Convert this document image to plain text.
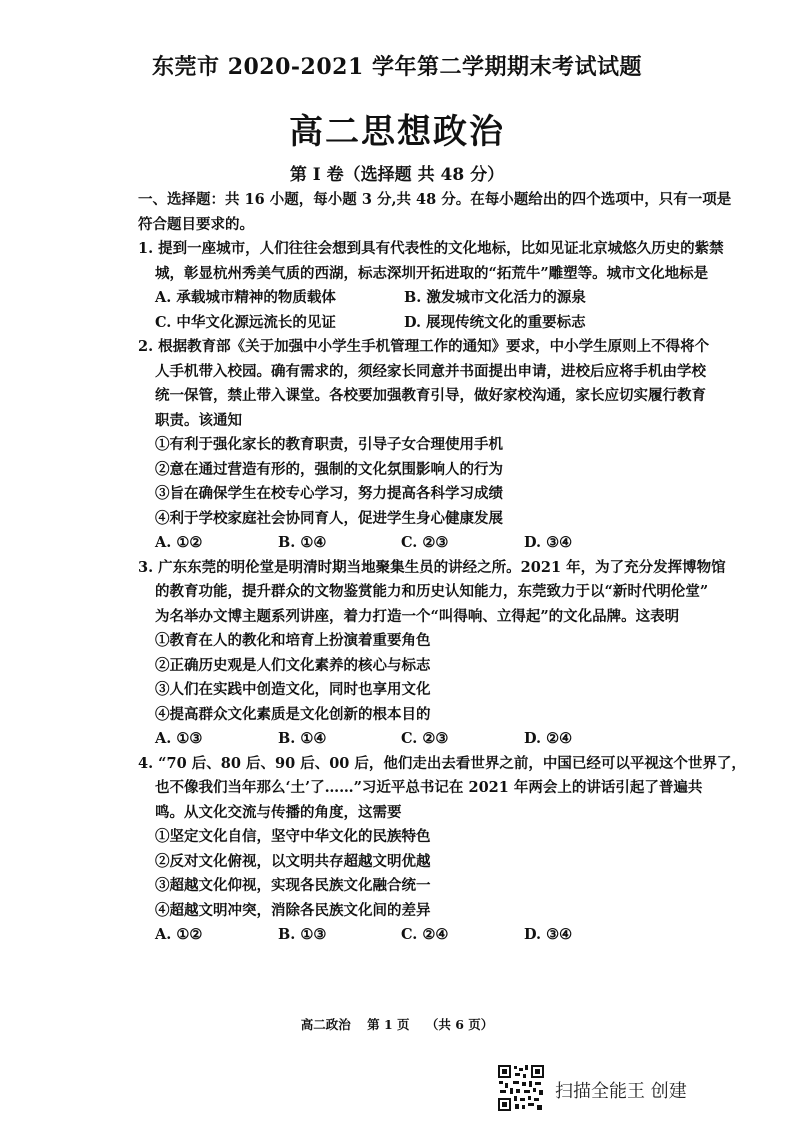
东莞市 2020-2021 学年第二学期期末考试试题
高二思想政治
第 I 卷（选择题 共 48 分）

一、选择题：共 16 小题，每小题 3 分,共 48 分。在每小题给出的四个选项中，只有一项是

符合题目要求的。

1. 提到一座城市，人们往往会想到具有代表性的文化地标，比如见证北京城悠久历史的紫禁

城，彰显杭州秀美气质的西湖，标志深圳开拓进取的“拓荒牛”雕塑等。城市文化地标是

A. 承载城市精神的物质载体	B. 激发城市文化活力的源泉
C. 中华文化源远流长的见证	D. 展现传统文化的重要标志

2. 根据教育部《关于加强中小学生手机管理工作的通知》要求，中小学生原则上不得将个

人手机带入校园。确有需求的，须经家长同意并书面提出申请，进校后应将手机由学校

统一保管，禁止带入课堂。各校要加强教育引导，做好家校沟通，家长应切实履行教育

职责。该通知

①有利于强化家长的教育职责，引导子女合理使用手机

②意在通过营造有形的，强制的文化氛围影响人的行为

③旨在确保学生在校专心学习，努力提高各科学习成绩

④利于学校家庭社会协同育人，促进学生身心健康发展

A. ①②	B. ①④	C. ②③	D. ③④

3. 广东东莞的明伦堂是明清时期当地聚集生员的讲经之所。2021 年，为了充分发挥博物馆

的教育功能，提升群众的文物鉴赏能力和历史认知能力，东莞致力于以“新时代明伦堂”

为名举办文博主题系列讲座，着力打造一个“叫得响、立得起”的文化品牌。这表明

①教育在人的教化和培育上扮演着重要角色

②正确历史观是人们文化素养的核心与标志

③人们在实践中创造文化，同时也享用文化

④提高群众文化素质是文化创新的根本目的

A. ①③	B. ①④	C. ②③	D. ②④

4. “70 后、80 后、90 后、00 后，他们走出去看世界之前，中国已经可以平视这个世界了，

也不像我们当年那么‘土’了……”习近平总书记在 2021 年两会上的讲话引起了普遍共

鸣。从文化交流与传播的角度，这需要

①坚定文化自信，坚守中华文化的民族特色

②反对文化俯视，以文明共存超越文明优越

③超越文化仰视，实现各民族文化融合统一

④超越文明冲突，消除各民族文化间的差异

A. ①②	B. ①③	C. ②④	D. ③④
高二政治 第 1 页 （共 6 页）
扫描全能王 创建
